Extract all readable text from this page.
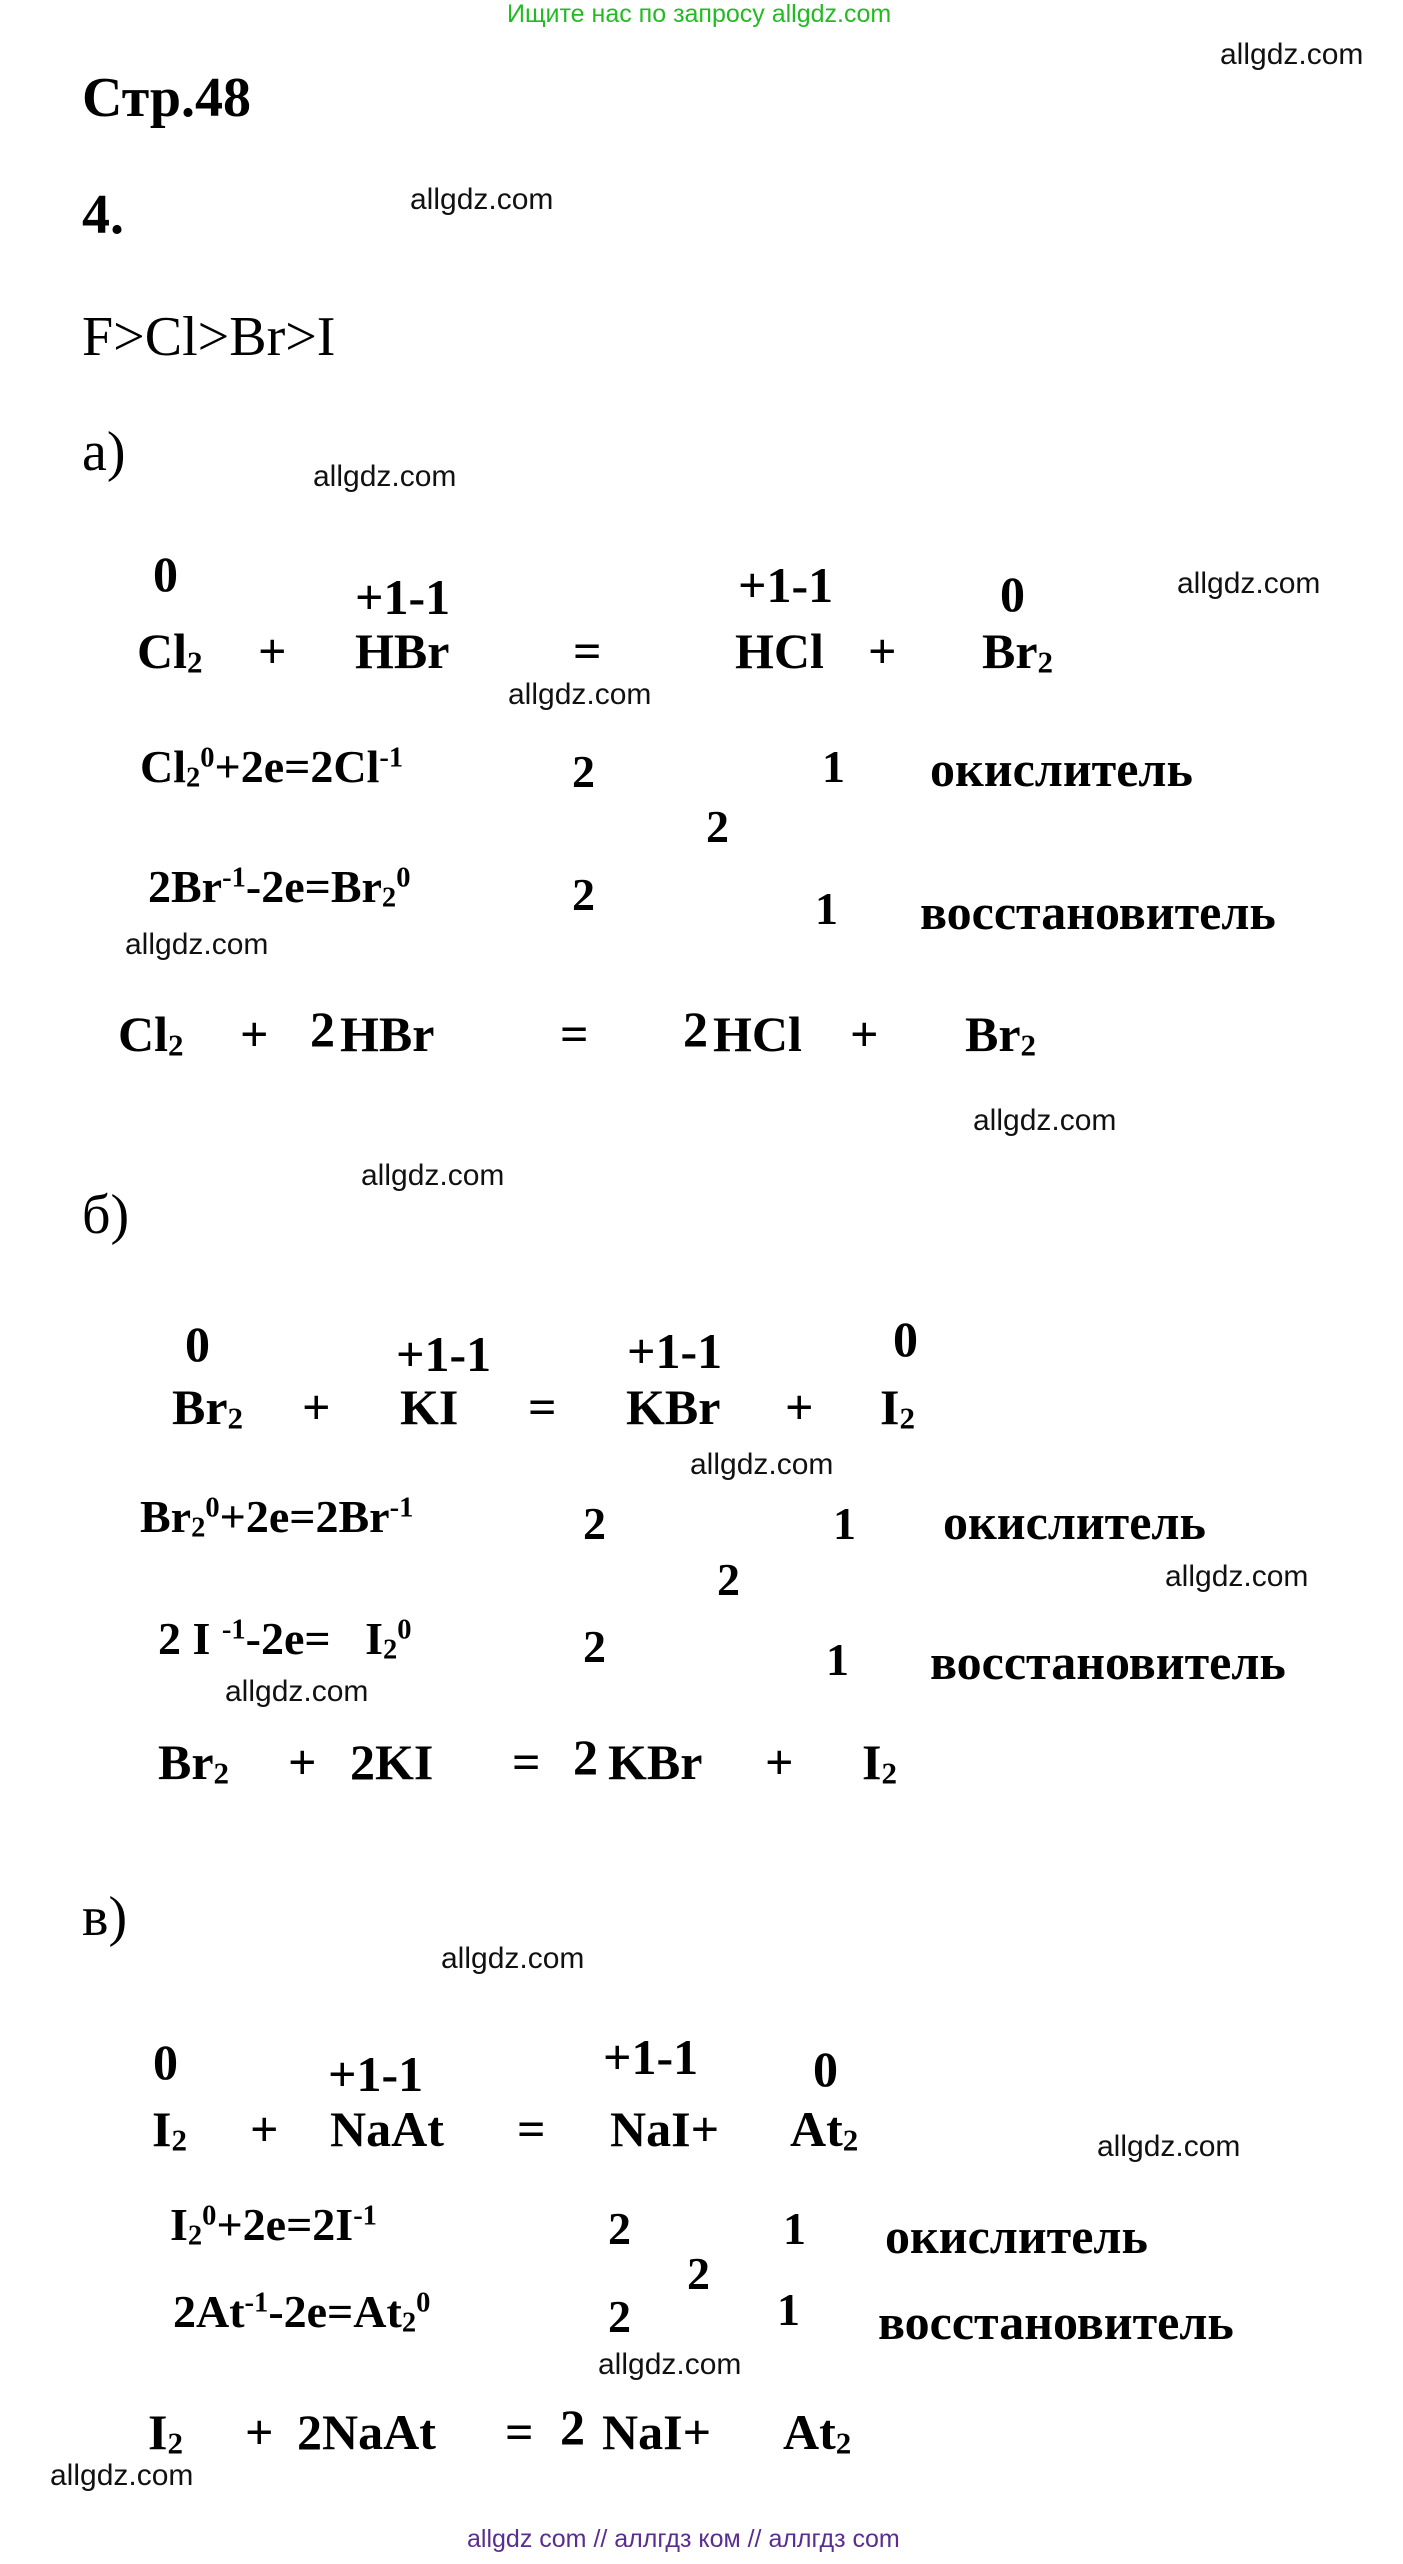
Ищите нас по запросу allgdz.com
allgdz com // аллгдз ком // аллгдз com
allgdz.com
allgdz.com
allgdz.com
allgdz.com
allgdz.com
allgdz.com
allgdz.com
allgdz.com
allgdz.com
allgdz.com
allgdz.com
allgdz.com
allgdz.com
allgdz.com
allgdz.com
Стр.48
4.
F>Cl>Br>I
а)
0	+1-1	+1-1	0
$Cl_2$ + HBr =	HCl + $Br_2$
$Cl_2^0+2e=2Cl^{-1}$	2	1 окислитель
2
$2Br^{-1}-2e=Br_2^0$	2	1 восстановитель
$Cl_2 + 2$ HBr	= 2 HCl + $Br_2$
б)
0	+1-1	+1-1	0
$Br_2$ + KI = KBr + $I_2$
$Br_2^0+2e=2Br^{-1}$	2	1 окислитель
2
2 I $^{-1}-2e= I_2^0$	2	1 восстановитель
$Br_2 + 2KI = 2$ KBr + $I_2$
в)
0	+1-1	+1-1 0
$I_2$ + NaAt = $NaI+ At_2$
$I_2^0+2e=2I^{-1}$	2	1 окислитель
2
$2At^{-1}-2e=At_2^0$	2	1 восстановитель
$I_2$ + 2NaAt = 2 $NaI+ At_2$
